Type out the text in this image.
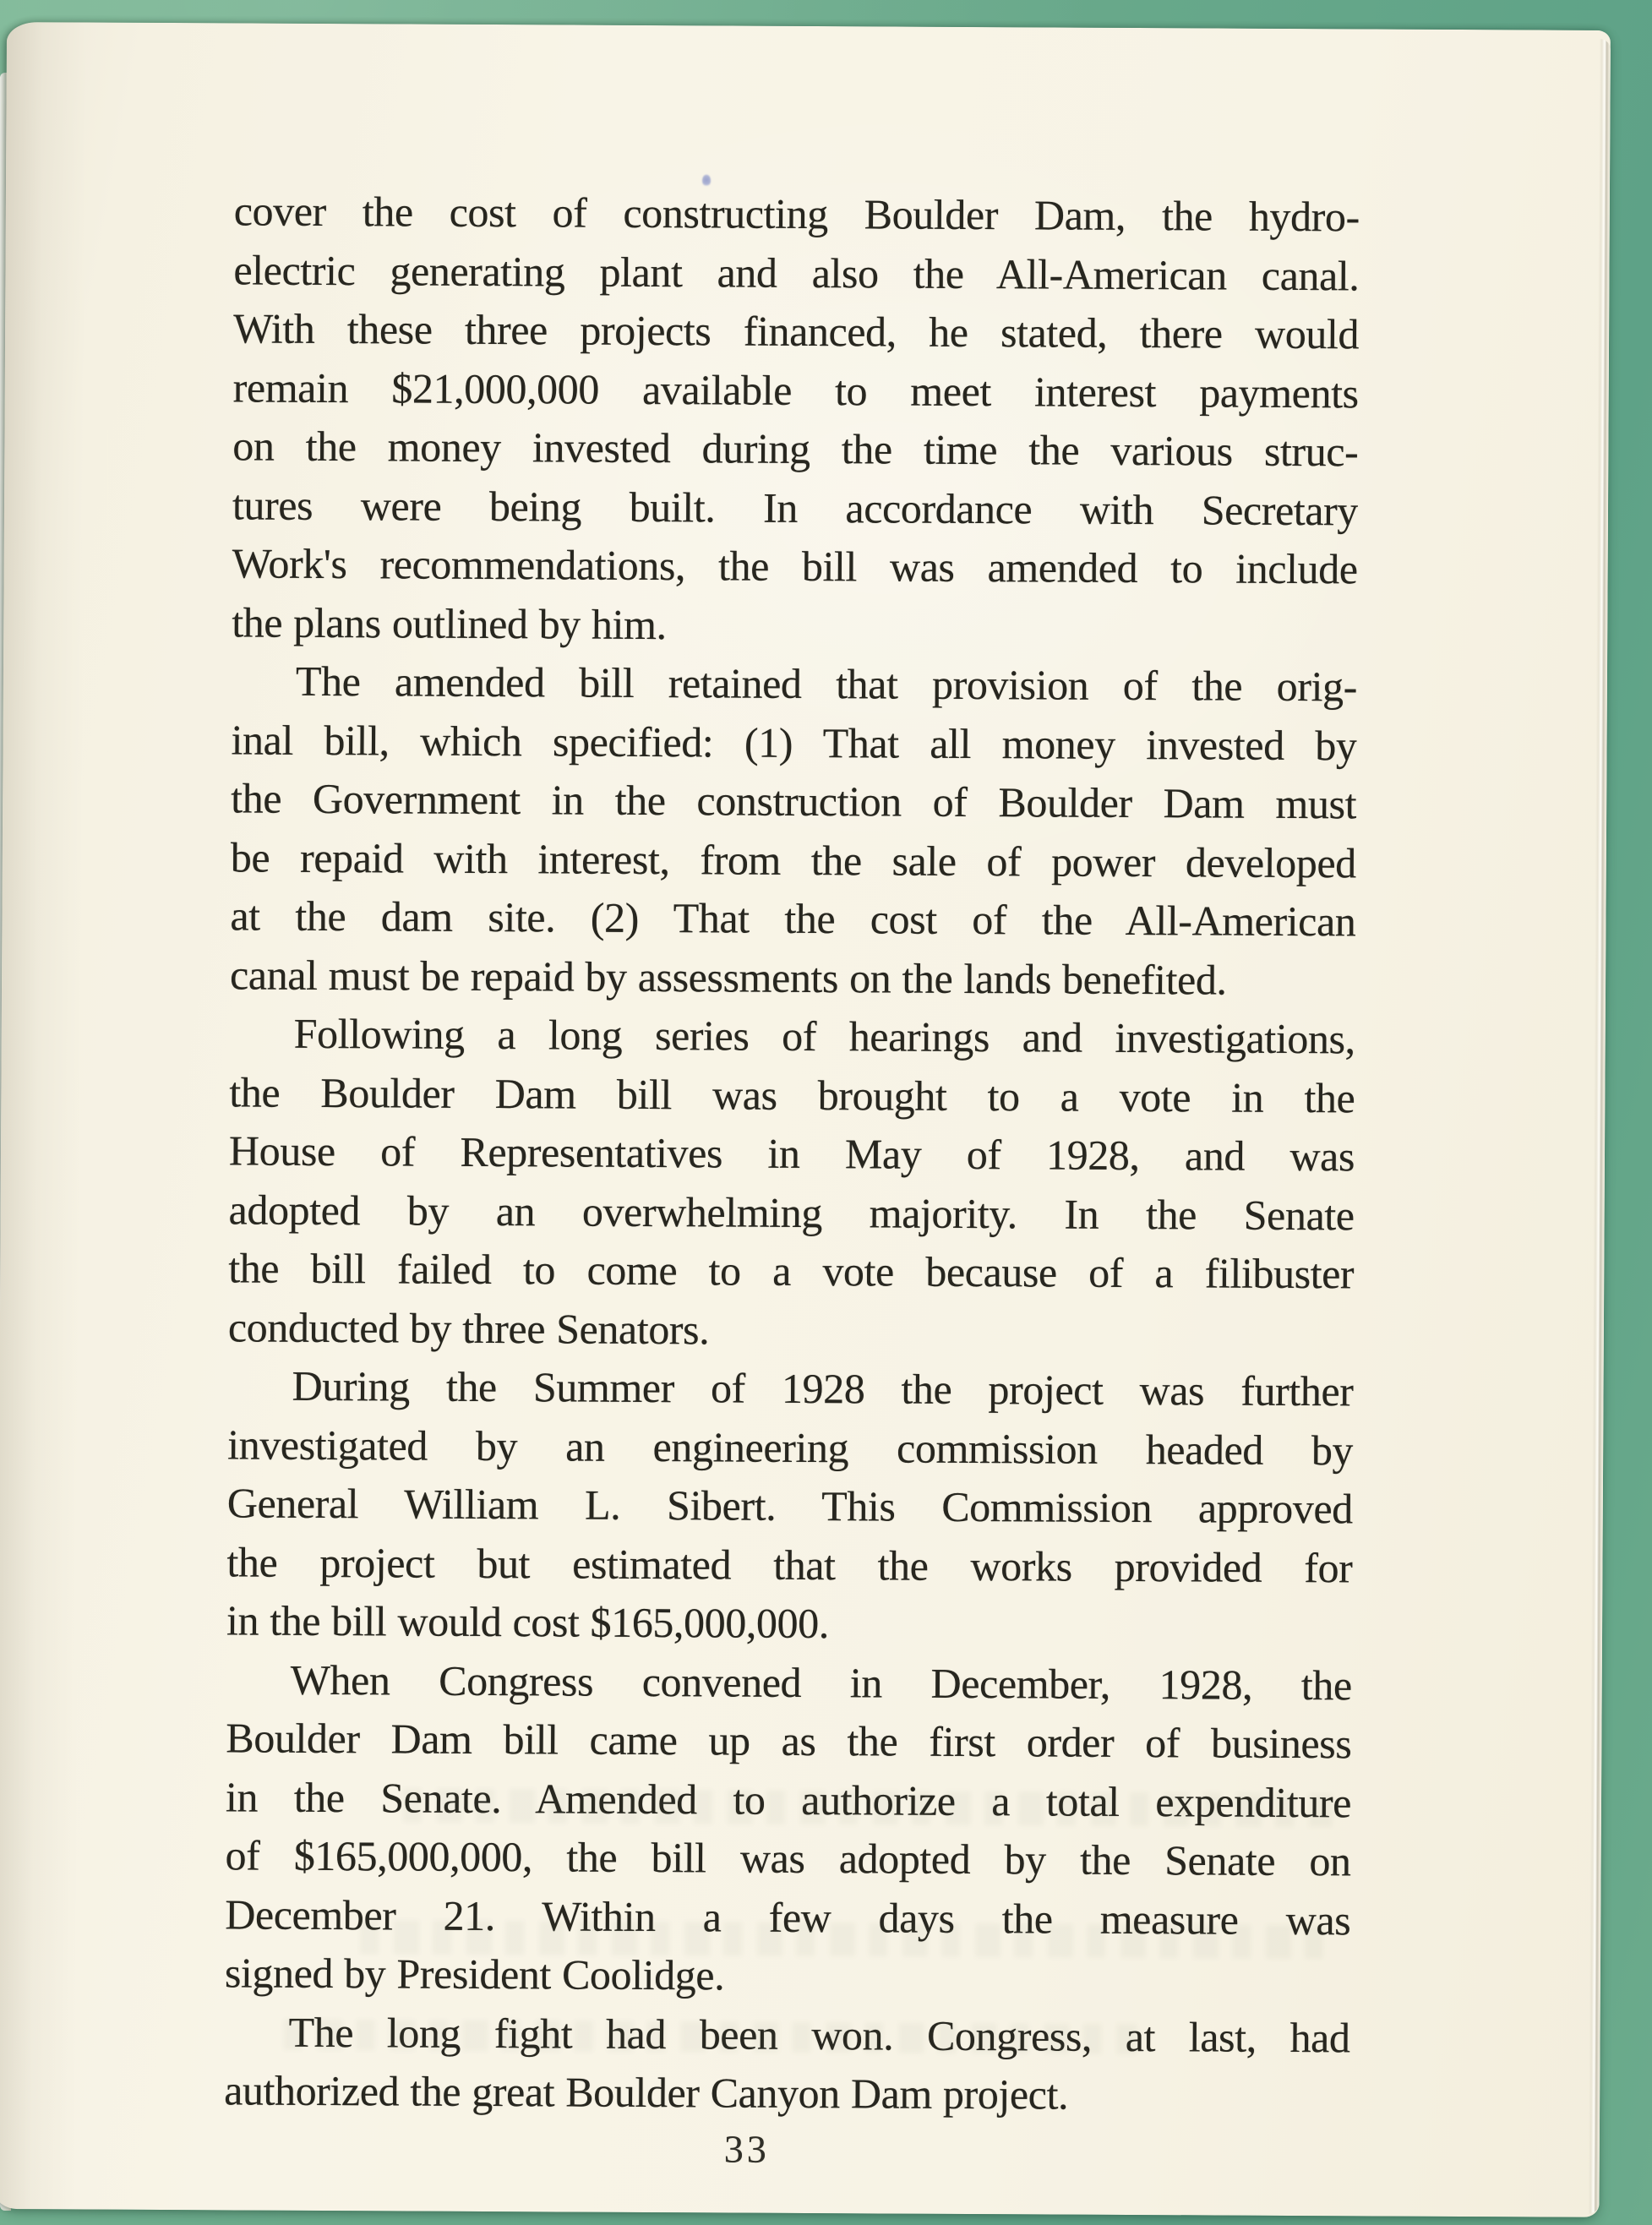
cover the cost of constructing Boulder Dam, the hydro-
electric generating plant and also the All-American canal.
With these three projects financed, he stated, there would
remain $21,000,000 available to meet interest payments
on the money invested during the time the various struc-
tures were being built. In accordance with Secretary
Work's recommendations, the bill was amended to include
the plans outlined by him.
The amended bill retained that provision of the orig-
inal bill, which specified: (1) That all money invested by
the Government in the construction of Boulder Dam must
be repaid with interest, from the sale of power developed
at the dam site. (2) That the cost of the All-American
canal must be repaid by assessments on the lands benefited.
Following a long series of hearings and investigations,
the Boulder Dam bill was brought to a vote in the
House of Representatives in May of 1928, and was
adopted by an overwhelming majority. In the Senate
the bill failed to come to a vote because of a filibuster
conducted by three Senators.
During the Summer of 1928 the project was further
investigated by an engineering commission headed by
General William L. Sibert. This Commission approved
the project but estimated that the works provided for
in the bill would cost $165,000,000.
When Congress convened in December, 1928, the
Boulder Dam bill came up as the first order of business
in the Senate. Amended to authorize a total expenditure
of $165,000,000, the bill was adopted by the Senate on
December 21. Within a few days the measure was
signed by President Coolidge.
The long fight had been won. Congress, at last, had
authorized the great Boulder Canyon Dam project.
33
